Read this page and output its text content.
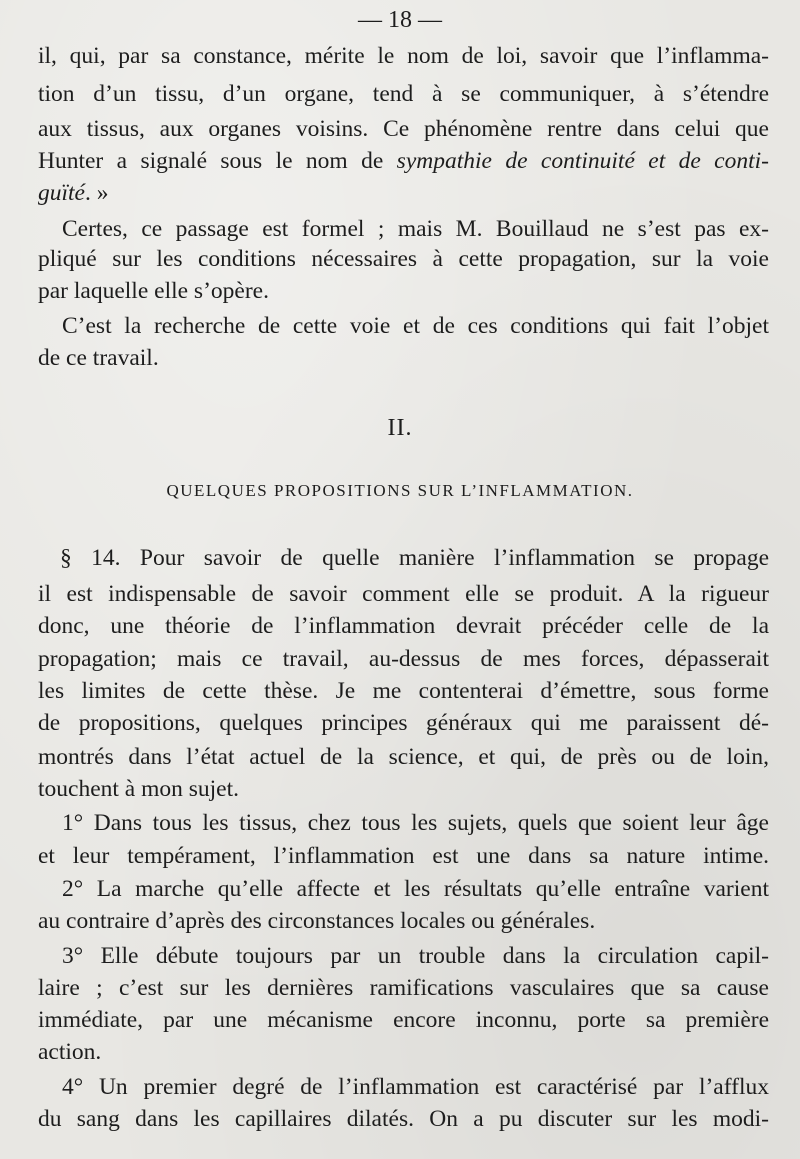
— 18 —
il, qui, par sa constance, mérite le nom de loi, savoir que l’inflamma-
tion d’un tissu, d’un organe, tend à se communiquer, à s’étendre
aux tissus, aux organes voisins. Ce phénomène rentre dans celui que
Hunter a signalé sous le nom de sympathie de continuité et de conti-
guïté. »
Certes, ce passage est formel ; mais M. Bouillaud ne s’est pas ex-
pliqué sur les conditions nécessaires à cette propagation, sur la voie
par laquelle elle s’opère.
C’est la recherche de cette voie et de ces conditions qui fait l’objet
de ce travail.
II.
QUELQUES PROPOSITIONS SUR L’INFLAMMATION.
§ 14. Pour savoir de quelle manière l’inflammation se propage
il est indispensable de savoir comment elle se produit. A la rigueur
donc, une théorie de l’inflammation devrait précéder celle de la
propagation; mais ce travail, au-dessus de mes forces, dépasserait
les limites de cette thèse. Je me contenterai d’émettre, sous forme
de propositions, quelques principes généraux qui me paraissent dé-
montrés dans l’état actuel de la science, et qui, de près ou de loin,
touchent à mon sujet.
1° Dans tous les tissus, chez tous les sujets, quels que soient leur âge
et leur tempérament, l’inflammation est une dans sa nature intime.
2° La marche qu’elle affecte et les résultats qu’elle entraîne varient
au contraire d’après des circonstances locales ou générales.
3° Elle débute toujours par un trouble dans la circulation capil-
laire ; c’est sur les dernières ramifications vasculaires que sa cause
immédiate, par une mécanisme encore inconnu, porte sa première
action.
4° Un premier degré de l’inflammation est caractérisé par l’afflux
du sang dans les capillaires dilatés. On a pu discuter sur les modi-
